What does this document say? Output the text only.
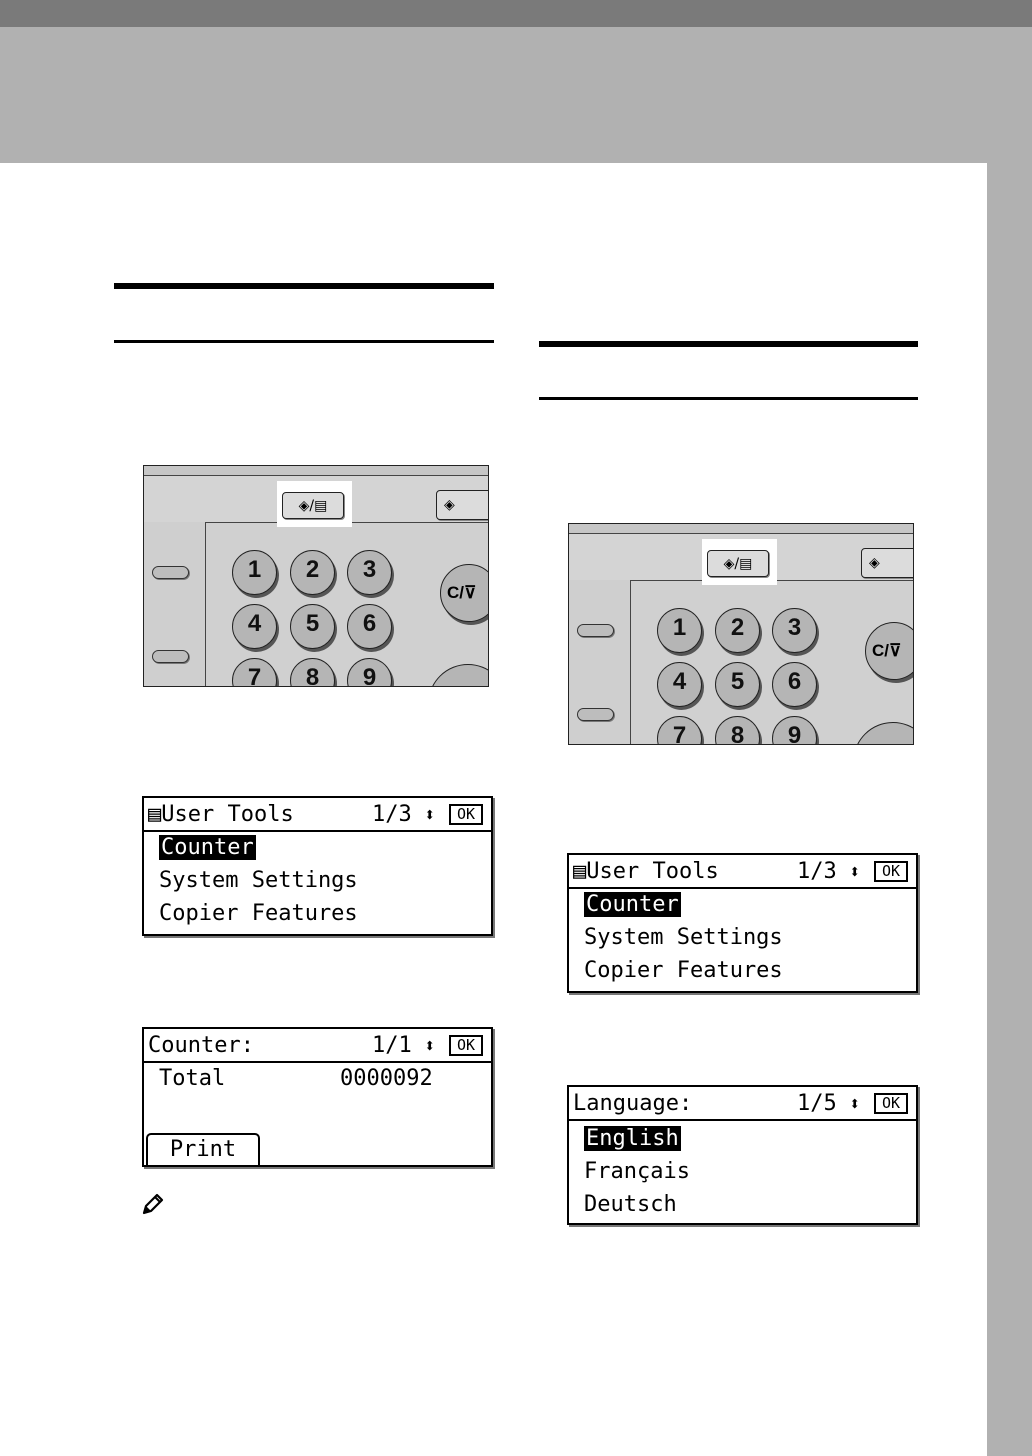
◈/▤	◈
1	2	3
4	5	6
7	8	9
C/ ⊽
▤User Tools	1/3 ⬍	OK
Counter
System Settings
Copier Features
Counter:	1/1 ⬍	OK
Total	0000092
Print
◈/▤	◈
1	2	3
4	5	6
7	8	9
C/ ⊽
▤User Tools	1/3 ⬍	OK
Counter
System Settings
Copier Features
Language:	1/5 ⬍	OK
English
Français
Deutsch
